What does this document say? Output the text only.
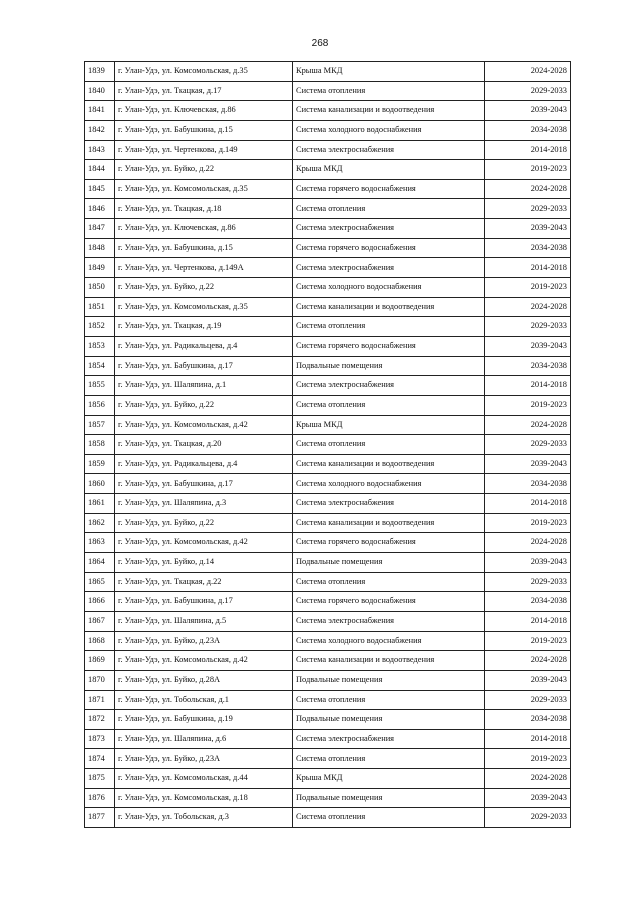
268
1839	г. Улан-Удэ, ул. Комсомольская, д.35	Крыша МКД	2024-2028
1840	г. Улан-Удэ, ул. Ткацкая, д.17	Система отопления	2029-2033
1841	г. Улан-Удэ, ул. Ключевская, д.86	Система канализации и водоотведения	2039-2043
1842	г. Улан-Удэ, ул. Бабушкина, д.15	Система холодного водоснабжения	2034-2038
1843	г. Улан-Удэ, ул. Чертенкова, д.149	Система электроснабжения	2014-2018
1844	г. Улан-Удэ, ул. Буйко, д.22	Крыша МКД	2019-2023
1845	г. Улан-Удэ, ул. Комсомольская, д.35	Система горячего водоснабжения	2024-2028
1846	г. Улан-Удэ, ул. Ткацкая, д.18	Система отопления	2029-2033
1847	г. Улан-Удэ, ул. Ключевская, д.86	Система электроснабжения	2039-2043
1848	г. Улан-Удэ, ул. Бабушкина, д.15	Система горячего водоснабжения	2034-2038
1849	г. Улан-Удэ, ул. Чертенкова, д.149А	Система электроснабжения	2014-2018
1850	г. Улан-Удэ, ул. Буйко, д.22	Система холодного водоснабжения	2019-2023
1851	г. Улан-Удэ, ул. Комсомольская, д.35	Система канализации и водоотведения	2024-2028
1852	г. Улан-Удэ, ул. Ткацкая, д.19	Система отопления	2029-2033
1853	г. Улан-Удэ, ул. Радикальцева, д.4	Система горячего водоснабжения	2039-2043
1854	г. Улан-Удэ, ул. Бабушкина, д.17	Подвальные помещения	2034-2038
1855	г. Улан-Удэ, ул. Шаляпина, д.1	Система электроснабжения	2014-2018
1856	г. Улан-Удэ, ул. Буйко, д.22	Система отопления	2019-2023
1857	г. Улан-Удэ, ул. Комсомольская, д.42	Крыша МКД	2024-2028
1858	г. Улан-Удэ, ул. Ткацкая, д.20	Система отопления	2029-2033
1859	г. Улан-Удэ, ул. Радикальцева, д.4	Система канализации и водоотведения	2039-2043
1860	г. Улан-Удэ, ул. Бабушкина, д.17	Система холодного водоснабжения	2034-2038
1861	г. Улан-Удэ, ул. Шаляпина, д.3	Система электроснабжения	2014-2018
1862	г. Улан-Удэ, ул. Буйко, д.22	Система канализации и водоотведения	2019-2023
1863	г. Улан-Удэ, ул. Комсомольская, д.42	Система горячего водоснабжения	2024-2028
1864	г. Улан-Удэ, ул. Буйко, д.14	Подвальные помещения	2039-2043
1865	г. Улан-Удэ, ул. Ткацкая, д.22	Система отопления	2029-2033
1866	г. Улан-Удэ, ул. Бабушкина, д.17	Система горячего водоснабжения	2034-2038
1867	г. Улан-Удэ, ул. Шаляпина, д.5	Система электроснабжения	2014-2018
1868	г. Улан-Удэ, ул. Буйко, д.23А	Система холодного водоснабжения	2019-2023
1869	г. Улан-Удэ, ул. Комсомольская, д.42	Система канализации и водоотведения	2024-2028
1870	г. Улан-Удэ, ул. Буйко, д.28А	Подвальные помещения	2039-2043
1871	г. Улан-Удэ, ул. Тобольская, д.1	Система отопления	2029-2033
1872	г. Улан-Удэ, ул. Бабушкина, д.19	Подвальные помещения	2034-2038
1873	г. Улан-Удэ, ул. Шаляпина, д.6	Система электроснабжения	2014-2018
1874	г. Улан-Удэ, ул. Буйко, д.23А	Система отопления	2019-2023
1875	г. Улан-Удэ, ул. Комсомольская, д.44	Крыша МКД	2024-2028
1876	г. Улан-Удэ, ул. Комсомольская, д.18	Подвальные помещения	2039-2043
1877	г. Улан-Удэ, ул. Тобольская, д.3	Система отопления	2029-2033
